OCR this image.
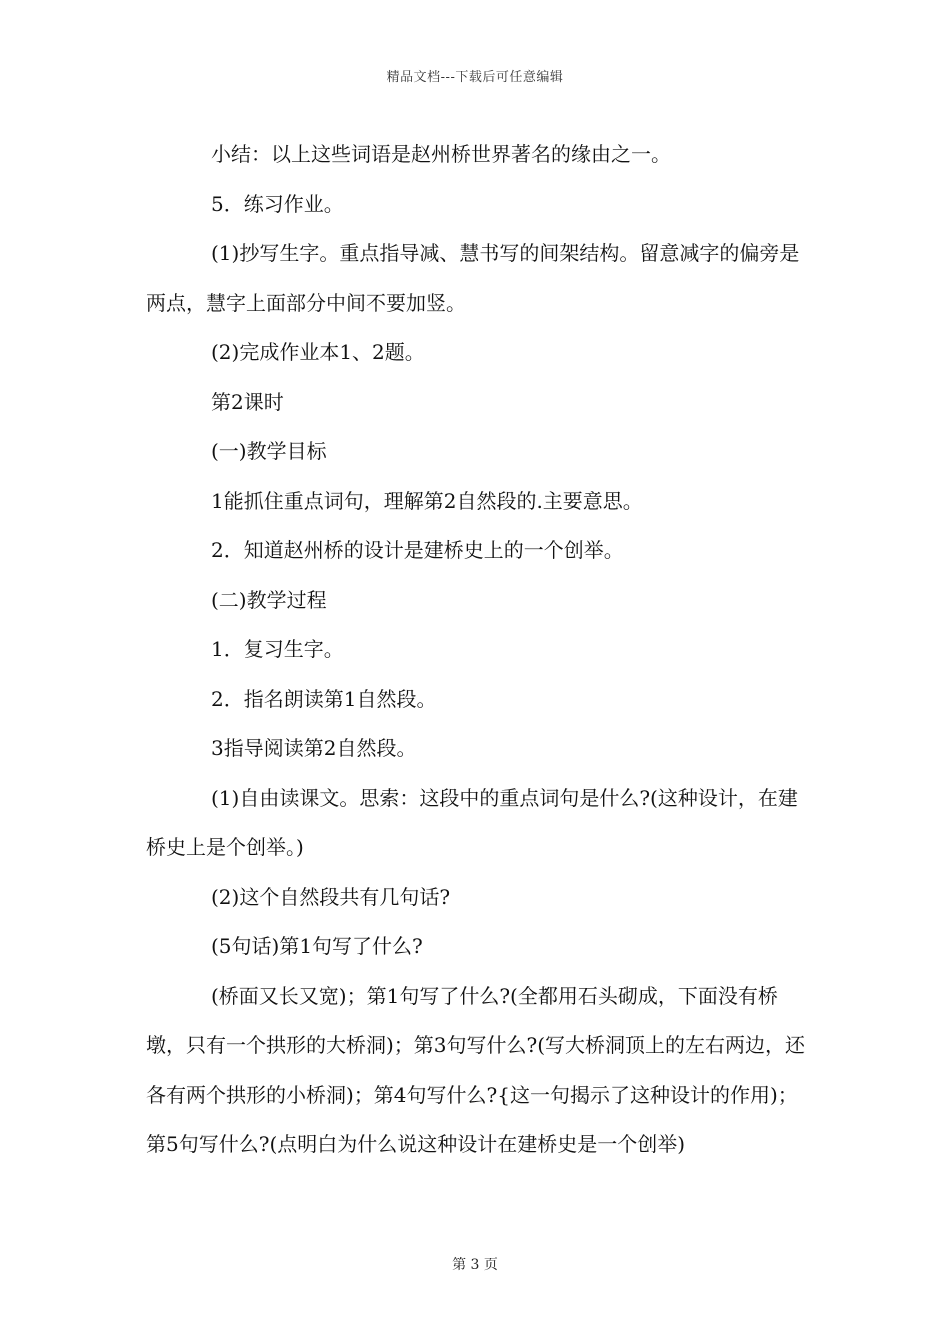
精品文档---下载后可任意编辑

小结：以上这些词语是赵州桥世界著名的缘由之一。

5．练习作业。

(1)抄写生字。重点指导减、慧书写的间架结构。留意减字的偏旁是两点，慧字上面部分中间不要加竖。

(2)完成作业本1、2题。

第2课时

(一)教学目标

1能抓住重点词句，理解第2自然段的.主要意思。

2．知道赵州桥的设计是建桥史上的一个创举。

(二)教学过程

1．复习生字。

2．指名朗读第1自然段。

3指导阅读第2自然段。

(1)自由读课文。思索：这段中的重点词句是什么?(这种设计，在建桥史上是个创举。)

(2)这个自然段共有几句话?

(5句话)第1句写了什么?

(桥面又长又宽)；第1句写了什么?(全都用石头砌成，下面没有桥墩，只有一个拱形的大桥洞)；第3句写什么?(写大桥洞顶上的左右两边，还各有两个拱形的小桥洞)；第4句写什么?{这一句揭示了这种设计的作用)；第5句写什么?(点明白为什么说这种设计在建桥史是一个创举)

第 3 页
